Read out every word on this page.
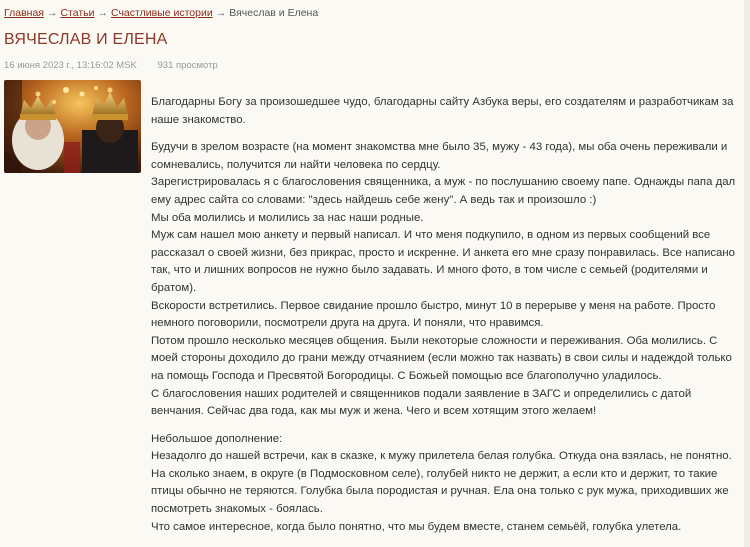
Главная → Статьи → Счастливые истории → Вячеслав и Елена
ВЯЧЕСЛАВ И ЕЛЕНА
16 июня 2023 г., 13:16:02 MSK 931 просмотр

Благодарны Богу за произошедшее чудо, благодарны сайту Азбука веры, его создателям и разработчикам за наше знакомство.

Будучи в зрелом возрасте (на момент знакомства мне было 35, мужу - 43 года), мы оба очень переживали и сомневались, получится ли найти человека по сердцу.

Зарегистрировалась я с благословения священника, а муж - по послушанию своему папе. Однажды папа дал ему адрес сайта со словами: "здесь найдешь себе жену". А ведь так и произошло :)

Мы оба молились и молились за нас наши родные.

Муж сам нашел мою анкету и первый написал. И что меня подкупило, в одном из первых сообщений все рассказал о своей жизни, без прикрас, просто и искренне. И анкета его мне сразу понравилась. Все написано так, что и лишних вопросов не нужно было задавать. И много фото, в том числе с семьей (родителями и братом).

Вскорости встретились. Первое свидание прошло быстро, минут 10 в перерыве у меня на работе. Просто немного поговорили, посмотрели друга на друга. И поняли, что нравимся.

Потом прошло несколько месяцев общения. Были некоторые сложности и переживания. Оба молились. С моей стороны доходило до грани между отчаянием (если можно так назвать) в свои силы и надеждой только на помощь Господа и Пресвятой Богородицы. С Божьей помощью все благополучно уладилось.

С благословения наших родителей и священников подали заявление в ЗАГС и определились с датой венчания. Сейчас два года, как мы муж и жена. Чего и всем хотящим этого желаем!

Небольшое дополнение:

Незадолго до нашей встречи, как в сказке, к мужу прилетела белая голубка. Откуда она взялась, не понятно. На сколько знаем, в округе (в Подмосковном селе), голубей никто не держит, а если кто и держит, то такие птицы обычно не теряются. Голубка была породистая и ручная. Ела она только с рук мужа, приходивших же посмотреть знакомых - боялась.

Что самое интересное, когда было понятно, что мы будем вместе, станем семьёй, голубка улетела.
